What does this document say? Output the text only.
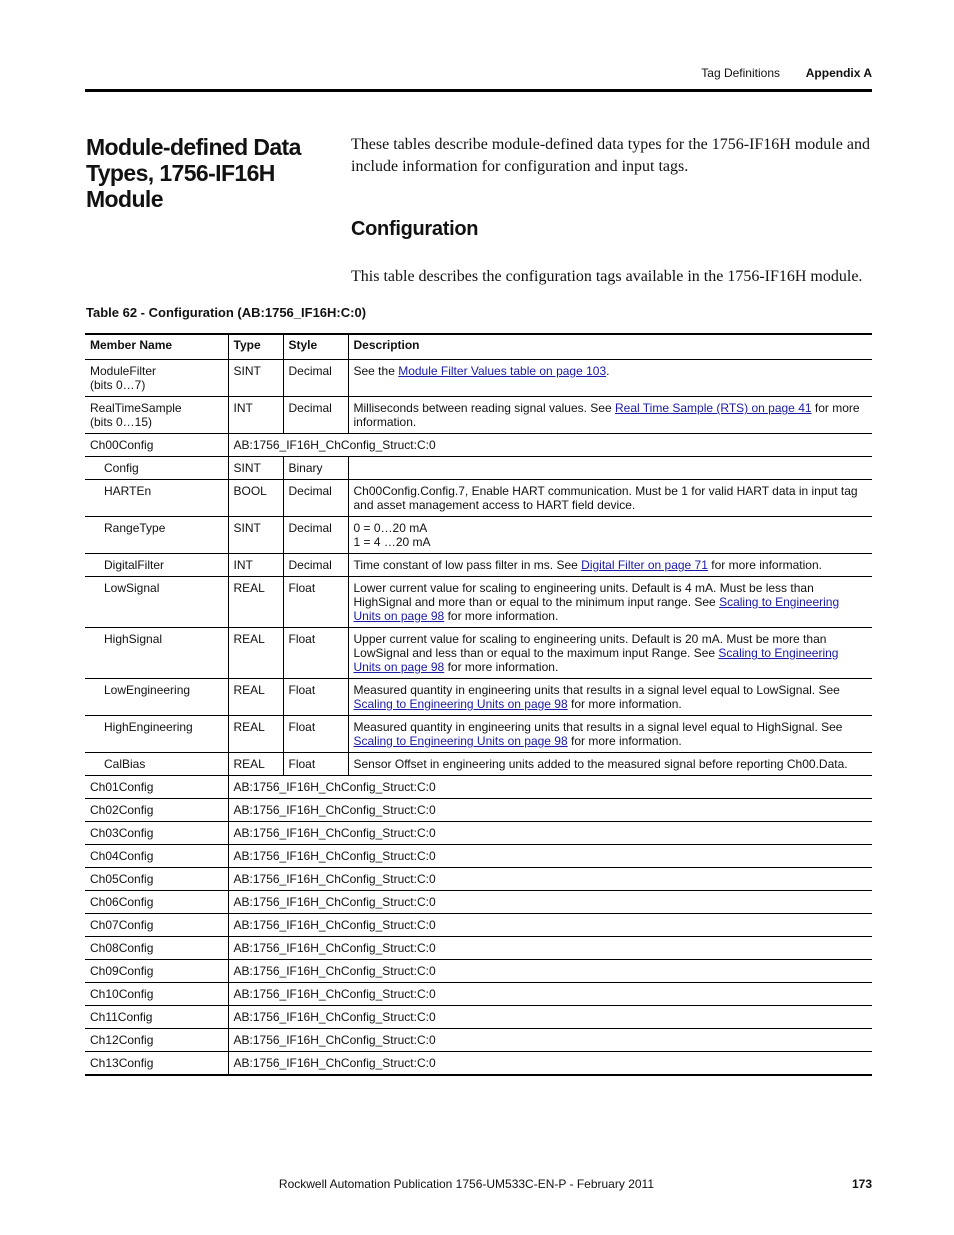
Tag Definitions Appendix A
Module-defined Data
Types, 1756-IF16H Module

These tables describe module-defined data types for the 1756-IF16H module and include information for configuration and input tags.

Configuration

This table describes the configuration tags available in the 1756-IF16H module.

Table 62 - Configuration (AB:1756_IF16H:C:0)

Member Name	Type	Style	Description
ModuleFilter
(bits 0…7)	SINT	Decimal	See the Module Filter Values table on page 103.
RealTimeSample
(bits 0…15)	INT	Decimal	Milliseconds between reading signal values. See Real Time Sample (RTS) on page 41 for more information.
Ch00Config	AB:1756_IF16H_ChConfig_Struct:C:0		
Config	SINT	Binary	
HARTEn	BOOL	Decimal	Ch00Config.Config.7, Enable HART communication. Must be 1 for valid HART data in input tag and asset management access to HART field device.
RangeType	SINT	Decimal	0 = 0…20 mA
1 = 4 …20 mA
DigitalFilter	INT	Decimal	Time constant of low pass filter in ms. See Digital Filter on page 71 for more information.
LowSignal	REAL	Float	Lower current value for scaling to engineering units. Default is 4 mA. Must be less than HighSignal and more than or equal to the minimum input range. See Scaling to Engineering Units on page 98 for more information.
HighSignal	REAL	Float	Upper current value for scaling to engineering units. Default is 20 mA. Must be more than LowSignal and less than or equal to the maximum input Range. See Scaling to Engineering Units on page 98 for more information.
LowEngineering	REAL	Float	Measured quantity in engineering units that results in a signal level equal to LowSignal. See Scaling to Engineering Units on page 98 for more information.
HighEngineering	REAL	Float	Measured quantity in engineering units that results in a signal level equal to HighSignal. See Scaling to Engineering Units on page 98 for more information.
CalBias	REAL	Float	Sensor Offset in engineering units added to the measured signal before reporting Ch00.Data.
Ch01Config	AB:1756_IF16H_ChConfig_Struct:C:0		
Ch02Config	AB:1756_IF16H_ChConfig_Struct:C:0		
Ch03Config	AB:1756_IF16H_ChConfig_Struct:C:0		
Ch04Config	AB:1756_IF16H_ChConfig_Struct:C:0		
Ch05Config	AB:1756_IF16H_ChConfig_Struct:C:0		
Ch06Config	AB:1756_IF16H_ChConfig_Struct:C:0		
Ch07Config	AB:1756_IF16H_ChConfig_Struct:C:0		
Ch08Config	AB:1756_IF16H_ChConfig_Struct:C:0		
Ch09Config	AB:1756_IF16H_ChConfig_Struct:C:0		
Ch10Config	AB:1756_IF16H_ChConfig_Struct:C:0		
Ch11Config	AB:1756_IF16H_ChConfig_Struct:C:0		
Ch12Config	AB:1756_IF16H_ChConfig_Struct:C:0		
Ch13Config	AB:1756_IF16H_ChConfig_Struct:C:0		
Rockwell Automation Publication 1756-UM533C-EN-P - February 2011	173
